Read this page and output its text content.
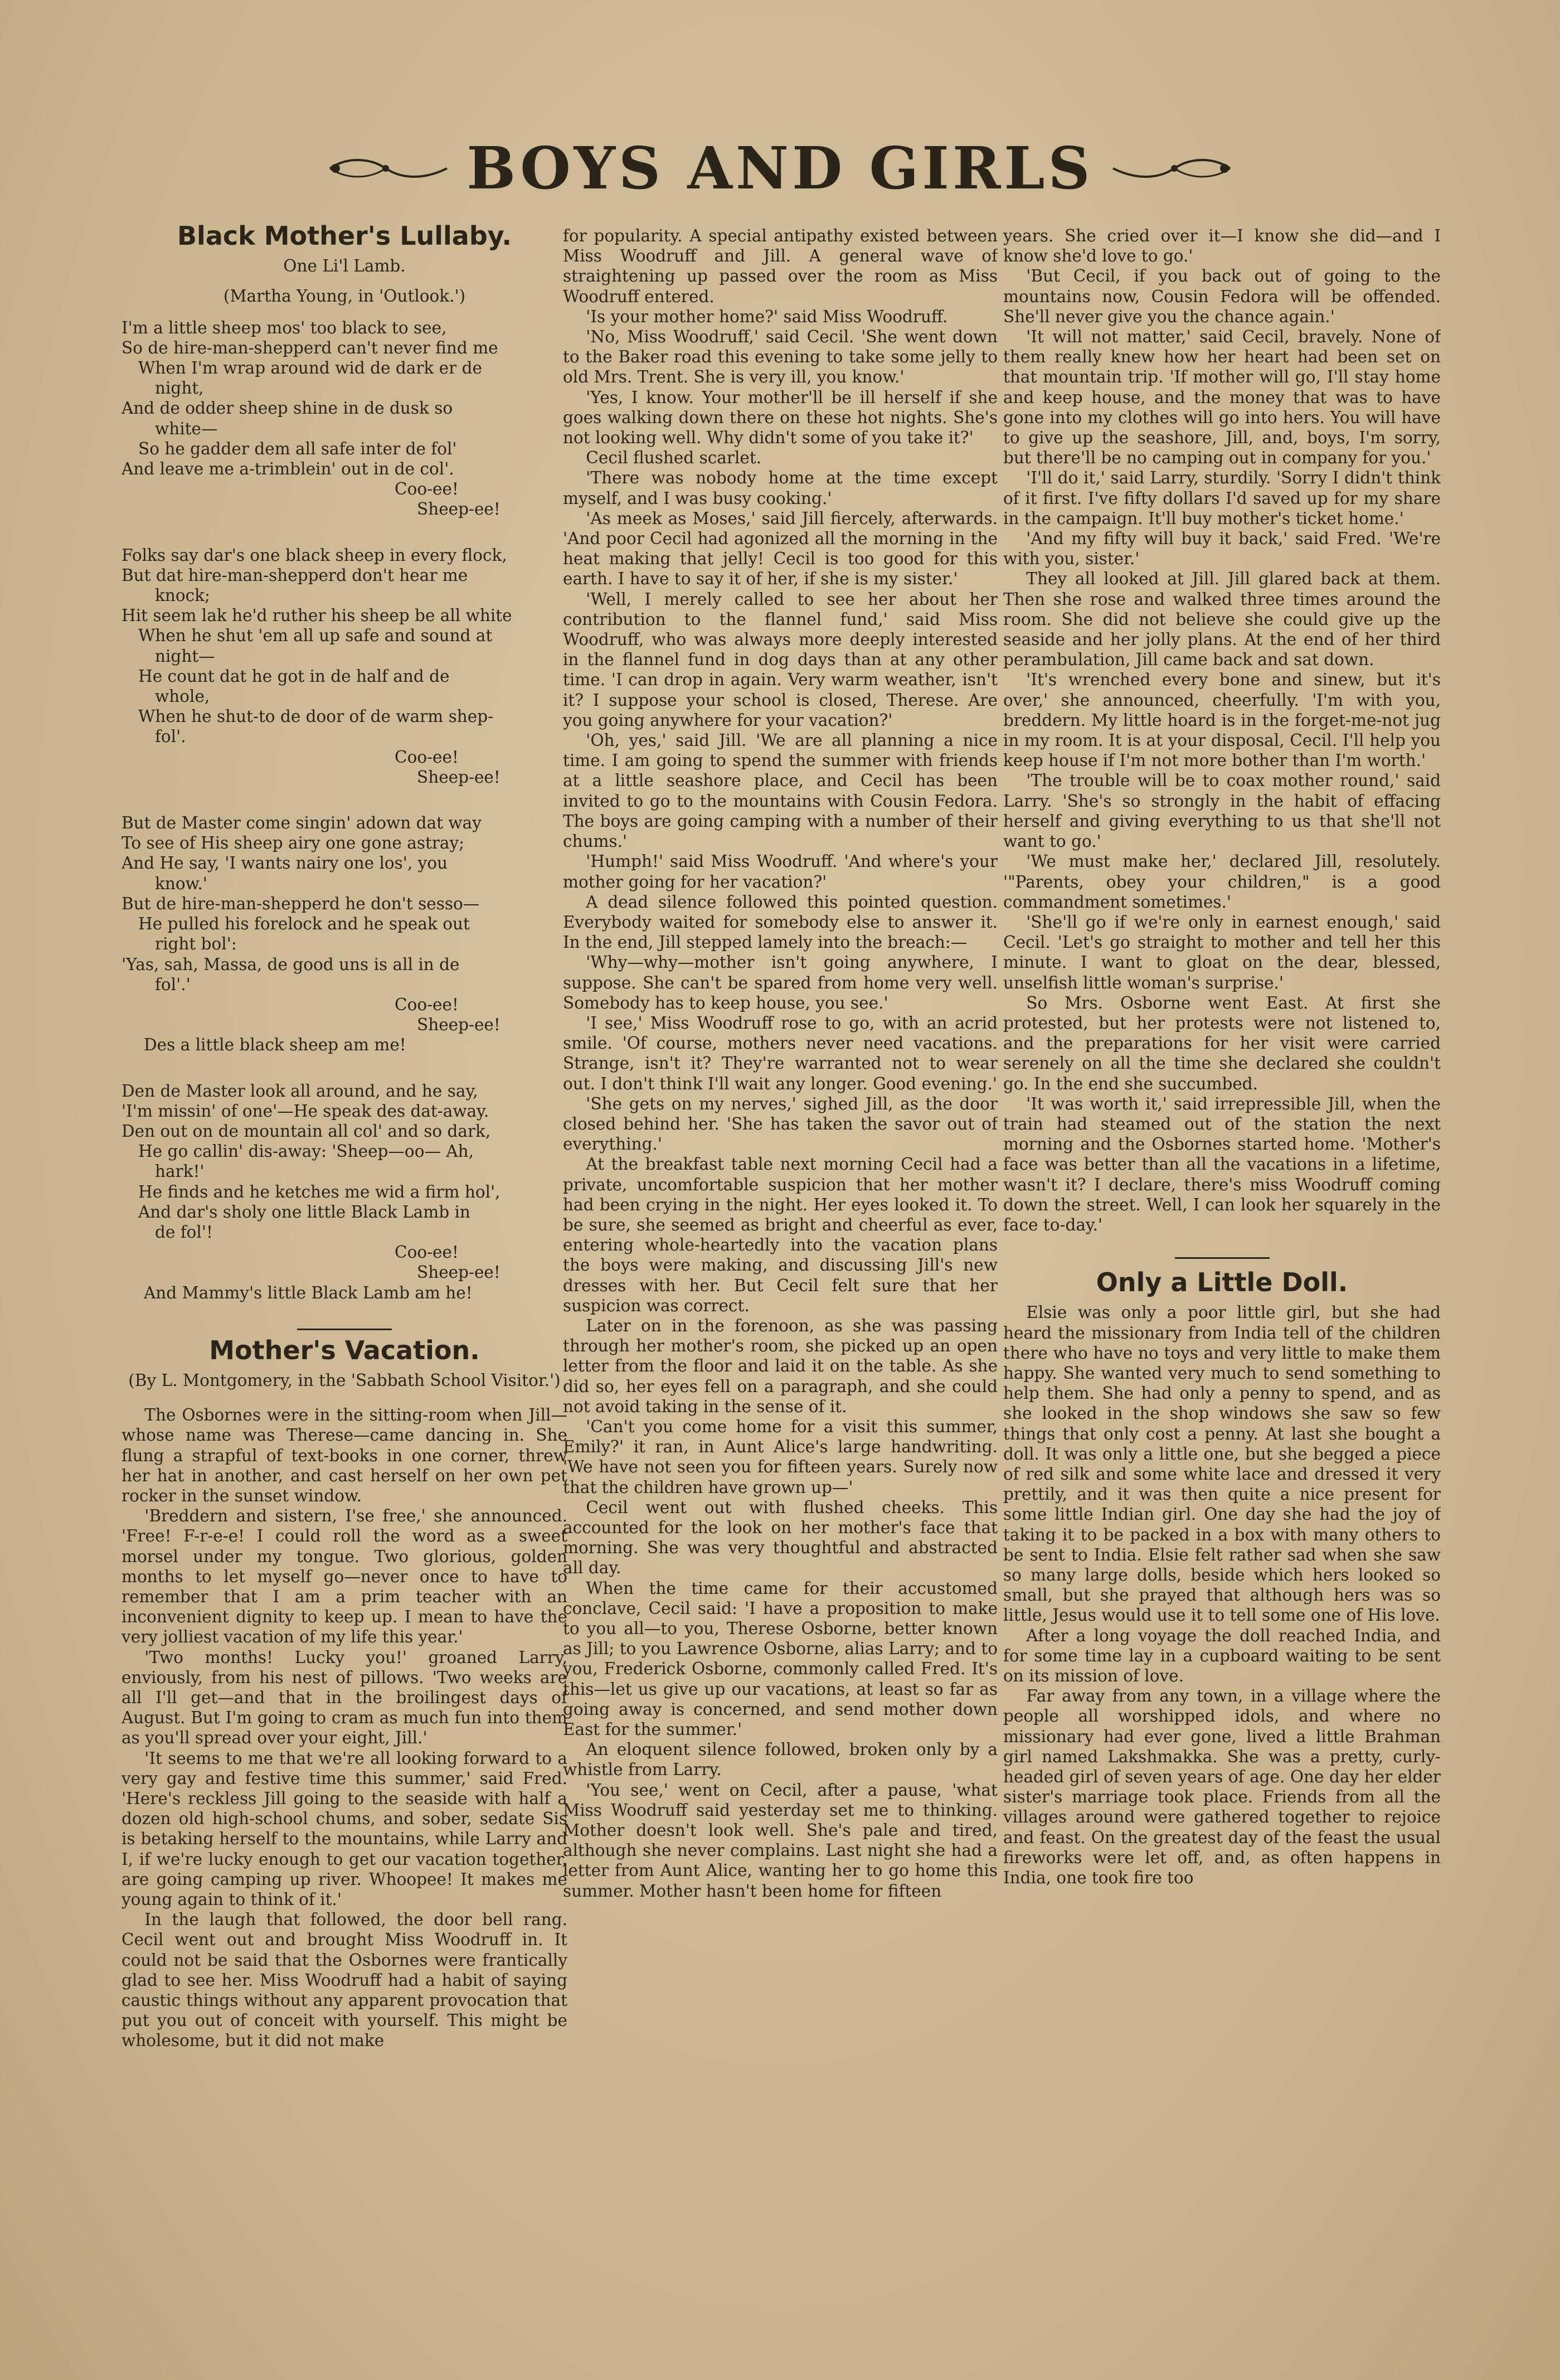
BOYS AND GIRLS
Black Mother's Lullaby.
One Li'l Lamb.
(Martha Young, in 'Outlook.')
I'm a little sheep mos' too black to see,
So de hire-man-shepperd can't never find me
When I'm wrap around wid de dark er de
night,
And de odder sheep shine in de dusk so
white—
So he gadder dem all safe inter de fol'
And leave me a-trimblein' out in de col'.
Coo-ee!
Sheep-ee!
Folks say dar's one black sheep in every flock,
But dat hire-man-shepperd don't hear me
knock;
Hit seem lak he'd ruther his sheep be all white
When he shut 'em all up safe and sound at
night—
He count dat he got in de half and de
whole,
When he shut-to de door of de warm shep-
fol'.
Coo-ee!
Sheep-ee!
But de Master come singin' adown dat way
To see of His sheep airy one gone astray;
And He say, 'I wants nairy one los', you
know.'
But de hire-man-shepperd he don't sesso—
He pulled his forelock and he speak out
right bol':
'Yas, sah, Massa, de good uns is all in de
fol'.'
Coo-ee!
Sheep-ee!
Des a little black sheep am me!
Den de Master look all around, and he say,
'I'm missin' of one'—He speak des dat-away.
Den out on de mountain all col' and so dark,
He go callin' dis-away: 'Sheep—oo— Ah,
hark!'
He finds and he ketches me wid a firm hol',
And dar's sholy one little Black Lamb in
de fol'!
Coo-ee!
Sheep-ee!
And Mammy's little Black Lamb am he!
Mother's Vacation.
(By L. Montgomery, in the 'Sabbath School Visitor.')

The Osbornes were in the sitting-room when Jill—whose name was Therese—came dancing in. She flung a strapful of text-books in one corner, threw her hat in another, and cast herself on her own pet rocker in the sunset window.

'Breddern and sistern, I'se free,' she announced. 'Free! F-r-e-e! I could roll the word as a sweet morsel under my tongue. Two glorious, golden months to let myself go—never once to have to remember that I am a prim teacher with an inconvenient dignity to keep up. I mean to have the very jolliest vacation of my life this year.'

'Two months! Lucky you!' groaned Larry, enviously, from his nest of pillows. 'Two weeks are all I'll get—and that in the broilingest days of August. But I'm going to cram as much fun into them as you'll spread over your eight, Jill.'

'It seems to me that we're all looking forward to a very gay and festive time this summer,' said Fred. 'Here's reckless Jill going to the seaside with half a dozen old high-school chums, and sober, sedate Sis is betaking herself to the mountains, while Larry and I, if we're lucky enough to get our vacation together, are going camping up river. Whoopee! It makes me young again to think of it.'

In the laugh that followed, the door bell rang. Cecil went out and brought Miss Woodruff in. It could not be said that the Osbornes were frantically glad to see her. Miss Woodruff had a habit of saying caustic things without any apparent provocation that put you out of conceit with yourself. This might be wholesome, but it did not make

for popularity. A special antipathy existed between Miss Woodruff and Jill. A general wave of straightening up passed over the room as Miss Woodruff entered.

'Is your mother home?' said Miss Woodruff.

'No, Miss Woodruff,' said Cecil. 'She went down to the Baker road this evening to take some jelly to old Mrs. Trent. She is very ill, you know.'

'Yes, I know. Your mother'll be ill herself if she goes walking down there on these hot nights. She's not looking well. Why didn't some of you take it?'

Cecil flushed scarlet.

'There was nobody home at the time except myself, and I was busy cooking.'

'As meek as Moses,' said Jill fiercely, afterwards. 'And poor Cecil had agonized all the morning in the heat making that jelly! Cecil is too good for this earth. I have to say it of her, if she is my sister.'

'Well, I merely called to see her about her contribution to the flannel fund,' said Miss Woodruff, who was always more deeply interested in the flannel fund in dog days than at any other time. 'I can drop in again. Very warm weather, isn't it? I suppose your school is closed, Therese. Are you going anywhere for your vacation?'

'Oh, yes,' said Jill. 'We are all planning a nice time. I am going to spend the summer with friends at a little seashore place, and Cecil has been invited to go to the mountains with Cousin Fedora. The boys are going camping with a number of their chums.'

'Humph!' said Miss Woodruff. 'And where's your mother going for her vacation?'

A dead silence followed this pointed question. Everybody waited for somebody else to answer it. In the end, Jill stepped lamely into the breach:—

'Why—why—mother isn't going anywhere, I suppose. She can't be spared from home very well. Somebody has to keep house, you see.'

'I see,' Miss Woodruff rose to go, with an acrid smile. 'Of course, mothers never need vacations. Strange, isn't it? They're warranted not to wear out. I don't think I'll wait any longer. Good evening.'

'She gets on my nerves,' sighed Jill, as the door closed behind her. 'She has taken the savor out of everything.'

At the breakfast table next morning Cecil had a private, uncomfortable suspicion that her mother had been crying in the night. Her eyes looked it. To be sure, she seemed as bright and cheerful as ever, entering whole-heartedly into the vacation plans the boys were making, and discussing Jill's new dresses with her. But Cecil felt sure that her suspicion was correct.

Later on in the forenoon, as she was passing through her mother's room, she picked up an open letter from the floor and laid it on the table. As she did so, her eyes fell on a paragraph, and she could not avoid taking in the sense of it.

'Can't you come home for a visit this summer, Emily?' it ran, in Aunt Alice's large handwriting. 'We have not seen you for fifteen years. Surely now that the children have grown up—'

Cecil went out with flushed cheeks. This accounted for the look on her mother's face that morning. She was very thoughtful and abstracted all day.

When the time came for their accustomed conclave, Cecil said: 'I have a proposition to make to you all—to you, Therese Osborne, better known as Jill; to you Lawrence Osborne, alias Larry; and to you, Frederick Osborne, commonly called Fred. It's this—let us give up our vacations, at least so far as going away is concerned, and send mother down East for the summer.'

An eloquent silence followed, broken only by a whistle from Larry.

'You see,' went on Cecil, after a pause, 'what Miss Woodruff said yesterday set me to thinking. Mother doesn't look well. She's pale and tired, although she never complains. Last night she had a letter from Aunt Alice, wanting her to go home this summer. Mother hasn't been home for fifteen

years. She cried over it—I know she did—and I know she'd love to go.'

'But Cecil, if you back out of going to the mountains now, Cousin Fedora will be offended. She'll never give you the chance again.'

'It will not matter,' said Cecil, bravely. None of them really knew how her heart had been set on that mountain trip. 'If mother will go, I'll stay home and keep house, and the money that was to have gone into my clothes will go into hers. You will have to give up the seashore, Jill, and, boys, I'm sorry, but there'll be no camping out in company for you.'

'I'll do it,' said Larry, sturdily. 'Sorry I didn't think of it first. I've fifty dollars I'd saved up for my share in the campaign. It'll buy mother's ticket home.'

'And my fifty will buy it back,' said Fred. 'We're with you, sister.'

They all looked at Jill. Jill glared back at them. Then she rose and walked three times around the room. She did not believe she could give up the seaside and her jolly plans. At the end of her third perambulation, Jill came back and sat down.

'It's wrenched every bone and sinew, but it's over,' she announced, cheerfully. 'I'm with you, breddern. My little hoard is in the forget-me-not jug in my room. It is at your disposal, Cecil. I'll help you keep house if I'm not more bother than I'm worth.'

'The trouble will be to coax mother round,' said Larry. 'She's so strongly in the habit of effacing herself and giving everything to us that she'll not want to go.'

'We must make her,' declared Jill, resolutely. '"Parents, obey your children," is a good commandment sometimes.'

'She'll go if we're only in earnest enough,' said Cecil. 'Let's go straight to mother and tell her this minute. I want to gloat on the dear, blessed, unselfish little woman's surprise.'

So Mrs. Osborne went East. At first she protested, but her protests were not listened to, and the preparations for her visit were carried serenely on all the time she declared she couldn't go. In the end she succumbed.

'It was worth it,' said irrepressible Jill, when the train had steamed out of the station the next morning and the Osbornes started home. 'Mother's face was better than all the vacations in a lifetime, wasn't it? I declare, there's miss Woodruff coming down the street. Well, I can look her squarely in the face to-day.'

Only a Little Doll.

Elsie was only a poor little girl, but she had heard the missionary from India tell of the children there who have no toys and very little to make them happy. She wanted very much to send something to help them. She had only a penny to spend, and as she looked in the shop windows she saw so few things that only cost a penny. At last she bought a doll. It was only a little one, but she begged a piece of red silk and some white lace and dressed it very prettily, and it was then quite a nice present for some little Indian girl. One day she had the joy of taking it to be packed in a box with many others to be sent to India. Elsie felt rather sad when she saw so many large dolls, beside which hers looked so small, but she prayed that although hers was so little, Jesus would use it to tell some one of His love.

After a long voyage the doll reached India, and for some time lay in a cupboard waiting to be sent on its mission of love.

Far away from any town, in a village where the people all worshipped idols, and where no missionary had ever gone, lived a little Brahman girl named Lakshmakka. She was a pretty, curly-headed girl of seven years of age. One day her elder sister's marriage took place. Friends from all the villages around were gathered together to rejoice and feast. On the greatest day of the feast the usual fireworks were let off, and, as often happens in India, one took fire too
